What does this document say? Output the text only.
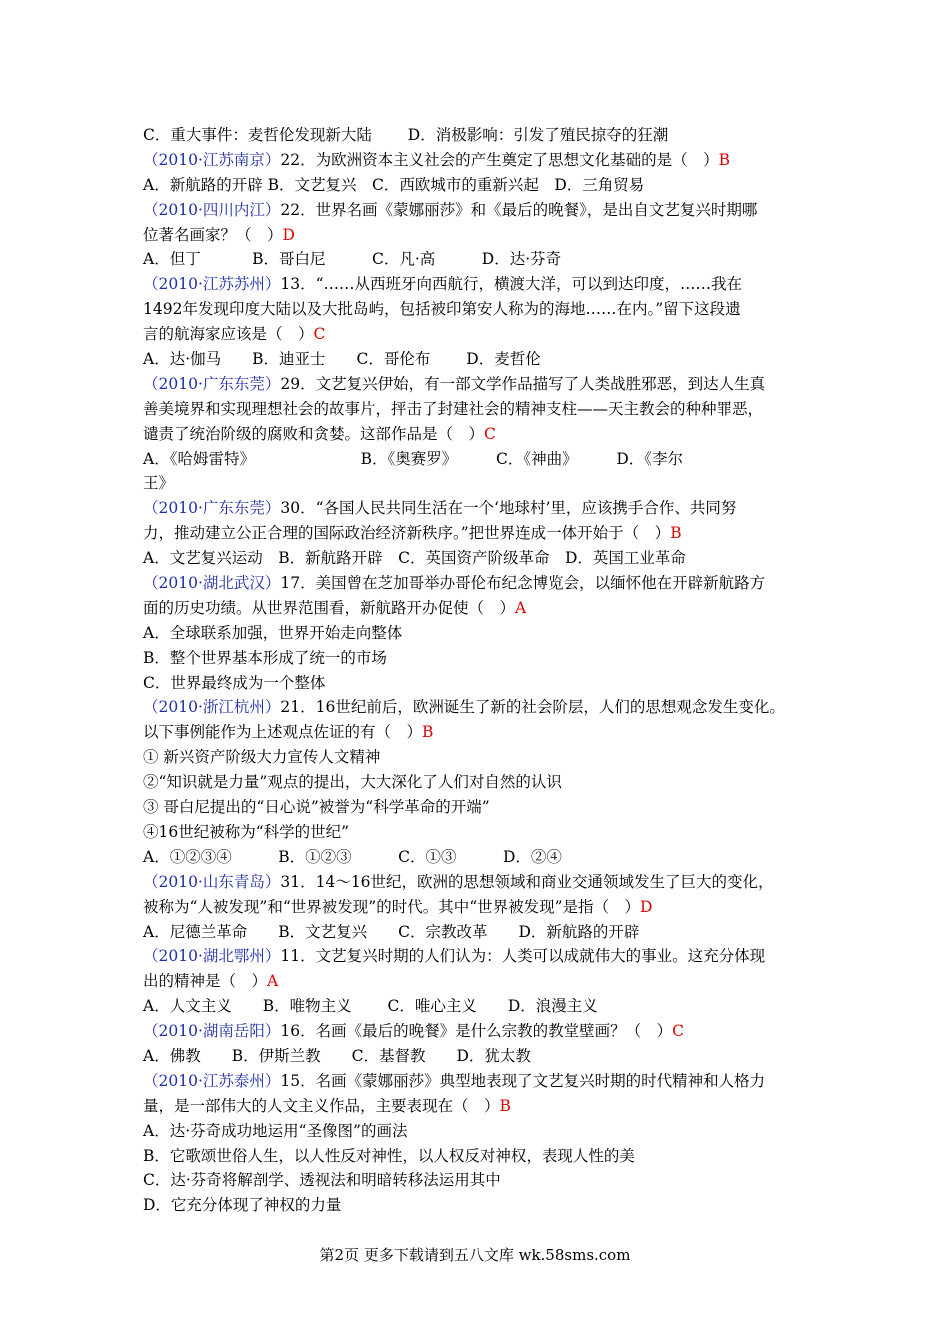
C．重大事件：麦哲伦发现新大陆　　 D．消极影响：引发了殖民掠夺的狂潮
（2010·江苏南京）22．为欧洲资本主义社会的产生奠定了思想文化基础的是（　）B
A．新航路的开辟 B．文艺复兴　C．西欧城市的重新兴起　D．三角贸易
（2010·四川内江）22．世界名画《蒙娜丽莎》和《最后的晚餐》，是出自文艺复兴时期哪
位著名画家？（　）D
A．但丁　　　 B．哥白尼　　　C．凡·高　　　D．达·芬奇
（2010·江苏苏州）13．“……从西班牙向西航行，横渡大洋，可以到达印度，……我在
1492年发现印度大陆以及大批岛屿，包括被印第安人称为的海地……在内。”留下这段遗
言的航海家应该是（　）C
A．达·伽马　　B．迪亚士　　C．哥伦布　　 D．麦哲伦
（2010·广东东莞）29．文艺复兴伊始，有一部文学作品描写了人类战胜邪恶，到达人生真
善美境界和实现理想社会的故事片，抨击了封建社会的精神支柱——天主教会的种种罪恶，
谴责了统治阶级的腐败和贪婪。这部作品是（　）C
A．《哈姆雷特》　　　　　　　 B．《奥赛罗》　　　C．《神曲》　　　D．《李尔
王》
（2010·广东东莞）30．“各国人民共同生活在一个‘地球村’里，应该携手合作、共同努
力，推动建立公正合理的国际政治经济新秩序。”把世界连成一体开始于（　）B
A．文艺复兴运动　B．新航路开辟　C．英国资产阶级革命　D．英国工业革命
（2010·湖北武汉）17．美国曾在芝加哥举办哥伦布纪念博览会，以缅怀他在开辟新航路方
面的历史功绩。从世界范围看，新航路开办促使（　）A
A．全球联系加强，世界开始走向整体
B．整个世界基本形成了统一的市场
C．世界最终成为一个整体
（2010·浙江杭州）21．16世纪前后，欧洲诞生了新的社会阶层，人们的思想观念发生变化。
以下事例能作为上述观点佐证的有（　）B
① 新兴资产阶级大力宣传人文精神
②“知识就是力量”观点的提出，大大深化了人们对自然的认识
③ 哥白尼提出的“日心说”被誉为“科学革命的开端”
④16世纪被称为“科学的世纪”
A．①②③④　　　B．①②③　　　C．①③　　　D．②④
（2010·山东青岛）31．14～16世纪，欧洲的思想领域和商业交通领域发生了巨大的变化，
被称为“人被发现”和“世界被发现”的时代。其中“世界被发现”是指（　）D
A．尼德兰革命　　B．文艺复兴　　C．宗教改革　　D．新航路的开辟
（2010·湖北鄂州）11．文艺复兴时期的人们认为：人类可以成就伟大的事业。这充分体现
出的精神是（　）A
A．人文主义　　B．唯物主义　　 C．唯心主义　　D．浪漫主义
（2010·湖南岳阳）16．名画《最后的晚餐》是什么宗教的教堂壁画？（　）C
A．佛教　　B．伊斯兰教　　C．基督教　　D．犹太教
（2010·江苏泰州）15．名画《蒙娜丽莎》典型地表现了文艺复兴时期的时代精神和人格力
量，是一部伟大的人文主义作品，主要表现在（　）B
A．达·芬奇成功地运用“圣像图”的画法
B．它歌颂世俗人生，以人性反对神性，以人权反对神权，表现人性的美
C．达·芬奇将解剖学、透视法和明暗转移法运用其中
D．它充分体现了神权的力量
第2页 更多下载请到五八文库 wk.58sms.com
